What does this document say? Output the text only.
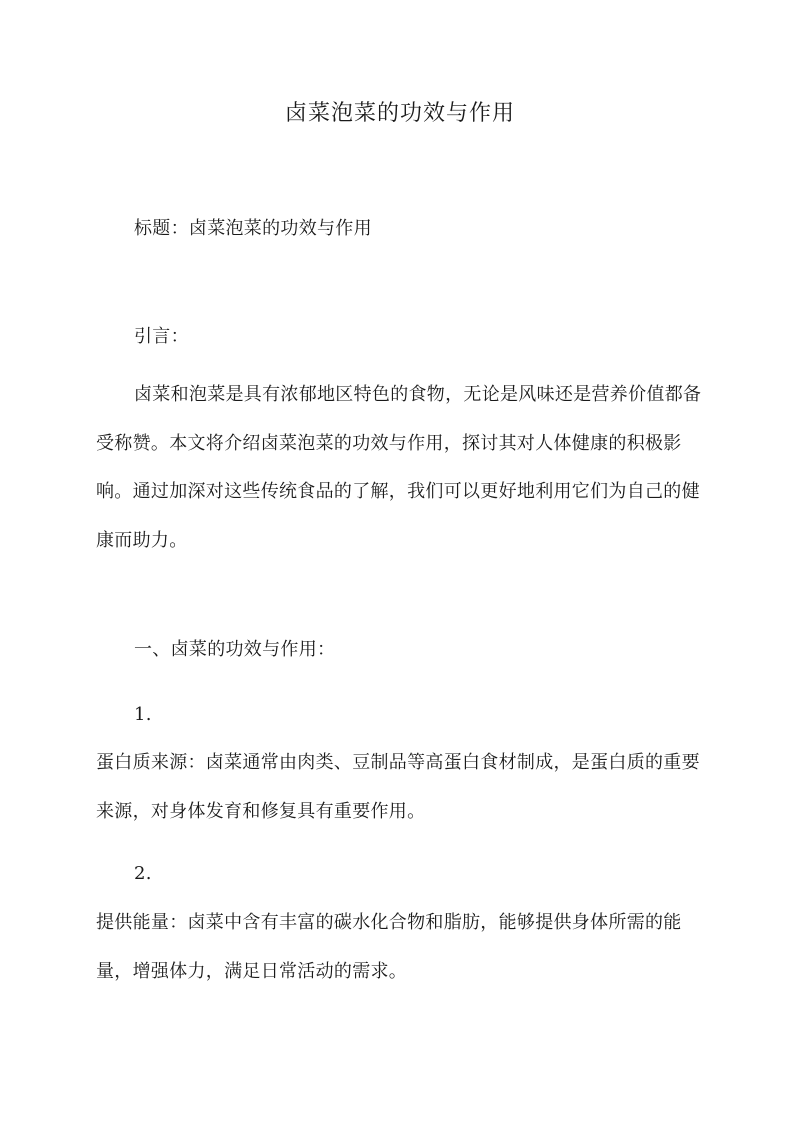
卤菜泡菜的功效与作用

标题：卤菜泡菜的功效与作用

引言：

卤菜和泡菜是具有浓郁地区特色的食物，无论是风味还是营养价值都备受称赞。本文将介绍卤菜泡菜的功效与作用，探讨其对人体健康的积极影响。通过加深对这些传统食品的了解，我们可以更好地利用它们为自己的健康而助力。

一、卤菜的功效与作用：

1.

蛋白质来源：卤菜通常由肉类、豆制品等高蛋白食材制成，是蛋白质的重要来源，对身体发育和修复具有重要作用。

2.

提供能量：卤菜中含有丰富的碳水化合物和脂肪，能够提供身体所需的能量，增强体力，满足日常活动的需求。
